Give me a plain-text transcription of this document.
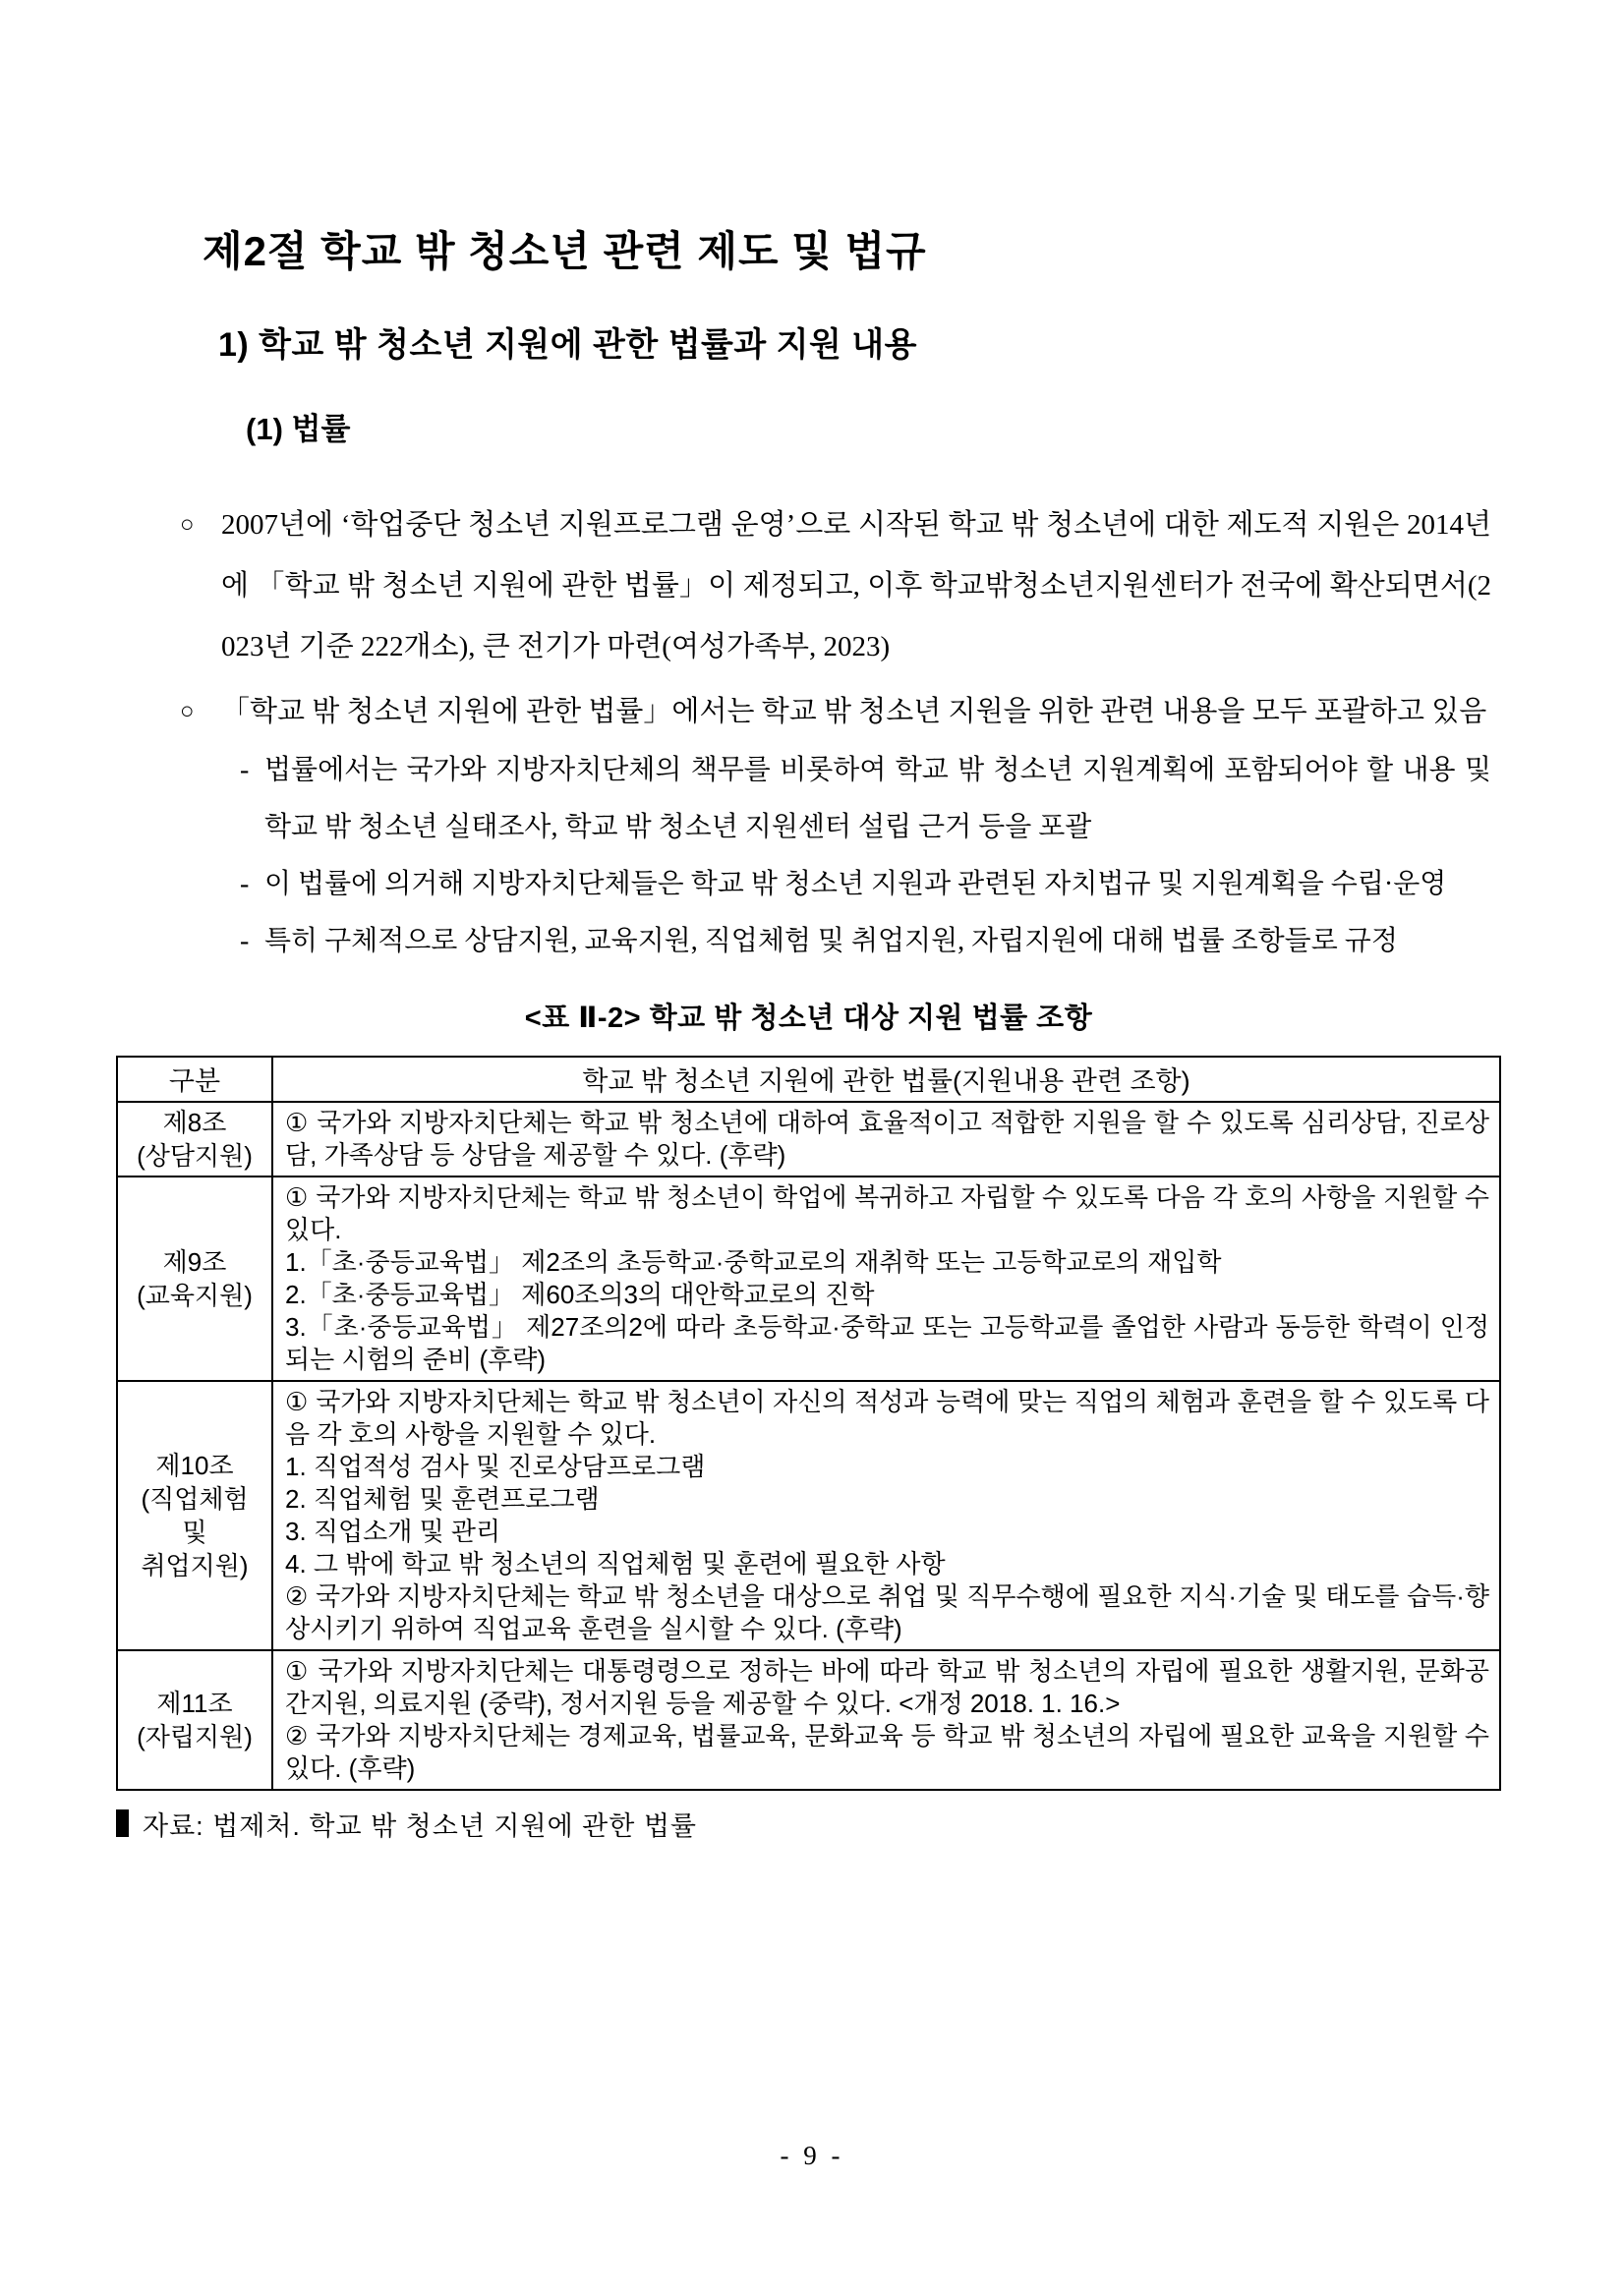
제2절 학교 밖 청소년 관련 제도 및 법규
1) 학교 밖 청소년 지원에 관한 법률과 지원 내용
(1) 법률
○ 2007년에 ‘학업중단 청소년 지원프로그램 운영’으로 시작된 학교 밖 청소년에 대한 제도적 지원은 2014년에 「학교 밖 청소년 지원에 관한 법률」이 제정되고, 이후 학교밖청소년지원센터가 전국에 확산되면서(2023년 기준 222개소), 큰 전기가 마련(여성가족부, 2023)
○ 「학교 밖 청소년 지원에 관한 법률」에서는 학교 밖 청소년 지원을 위한 관련 내용을 모두 포괄하고 있음
- 법률에서는 국가와 지방자치단체의 책무를 비롯하여 학교 밖 청소년 지원계획에 포함되어야 할 내용 및 학교 밖 청소년 실태조사, 학교 밖 청소년 지원센터 설립 근거 등을 포괄
- 이 법률에 의거해 지방자치단체들은 학교 밖 청소년 지원과 관련된 자치법규 및 지원계획을 수립·운영
- 특히 구체적으로 상담지원, 교육지원, 직업체험 및 취업지원, 자립지원에 대해 법률 조항들로 규정
<표 Ⅱ-2> 학교 밖 청소년 대상 지원 법률 조항
구분	학교 밖 청소년 지원에 관한 법률(지원내용 관련 조항)
제8조
(상담지원)	① 국가와 지방자치단체는 학교 밖 청소년에 대하여 효율적이고 적합한 지원을 할 수 있도록 심리상담, 진로상담, 가족상담 등 상담을 제공할 수 있다. (후략)
제9조
(교육지원)	① 국가와 지방자치단체는 학교 밖 청소년이 학업에 복귀하고 자립할 수 있도록 다음 각 호의 사항을 지원할 수 있다.
1.「초·중등교육법」 제2조의 초등학교·중학교로의 재취학 또는 고등학교로의 재입학
2.「초·중등교육법」 제60조의3의 대안학교로의 진학
3.「초·중등교육법」 제27조의2에 따라 초등학교·중학교 또는 고등학교를 졸업한 사람과 동등한 학력이 인정되는 시험의 준비 (후략)
제10조
(직업체험
및
취업지원)	① 국가와 지방자치단체는 학교 밖 청소년이 자신의 적성과 능력에 맞는 직업의 체험과 훈련을 할 수 있도록 다음 각 호의 사항을 지원할 수 있다.
1. 직업적성 검사 및 진로상담프로그램
2. 직업체험 및 훈련프로그램
3. 직업소개 및 관리
4. 그 밖에 학교 밖 청소년의 직업체험 및 훈련에 필요한 사항
② 국가와 지방자치단체는 학교 밖 청소년을 대상으로 취업 및 직무수행에 필요한 지식·기술 및 태도를 습득·향상시키기 위하여 직업교육 훈련을 실시할 수 있다. (후략)
제11조
(자립지원)	① 국가와 지방자치단체는 대통령령으로 정하는 바에 따라 학교 밖 청소년의 자립에 필요한 생활지원, 문화공간지원, 의료지원 (중략), 정서지원 등을 제공할 수 있다. <개정 2018. 1. 16.>
② 국가와 지방자치단체는 경제교육, 법률교육, 문화교육 등 학교 밖 청소년의 자립에 필요한 교육을 지원할 수 있다. (후략)
자료: 법제처. 학교 밖 청소년 지원에 관한 법률
- 9 -
